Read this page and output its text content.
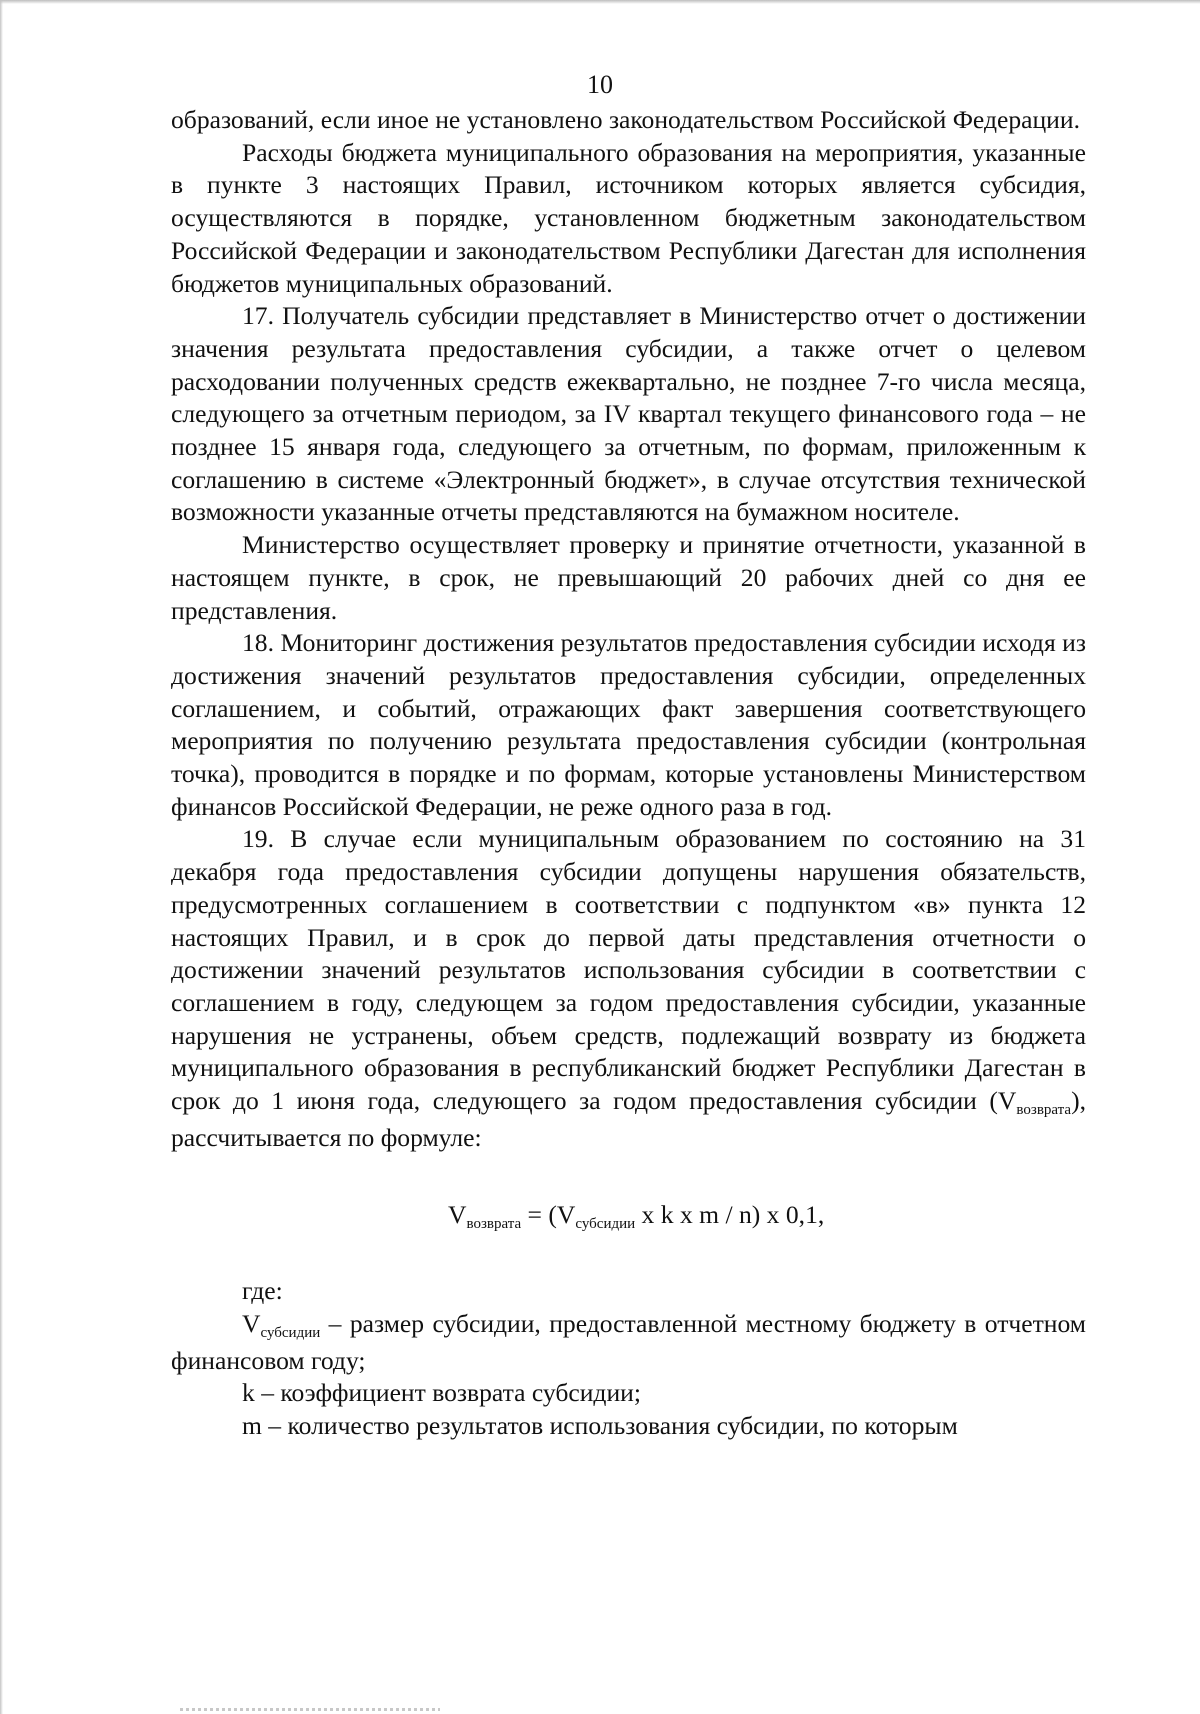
10

образований, если иное не установлено законодательством Российской Федерации.

Расходы бюджета муниципального образования на мероприятия, указанные в пункте 3 настоящих Правил, источником которых является субсидия, осуществляются в порядке, установленном бюджетным законодательством Российской Федерации и законодательством Республики Дагестан для исполнения бюджетов муниципальных образований.

17. Получатель субсидии представляет в Министерство отчет о достижении значения результата предоставления субсидии, а также отчет о целевом расходовании полученных средств ежеквартально, не позднее 7-го числа месяца, следующего за отчетным периодом, за IV квартал текущего финансового года – не позднее 15 января года, следующего за отчетным, по формам, приложенным к соглашению в системе «Электронный бюджет», в случае отсутствия технической возможности указанные отчеты представляются на бумажном носителе.

Министерство осуществляет проверку и принятие отчетности, указанной в настоящем пункте, в срок, не превышающий 20 рабочих дней со дня ее представления.

18. Мониторинг достижения результатов предоставления субсидии исходя из достижения значений результатов предоставления субсидии, определенных соглашением, и событий, отражающих факт завершения соответствующего мероприятия по получению результата предоставления субсидии (контрольная точка), проводится в порядке и по формам, которые установлены Министерством финансов Российской Федерации, не реже одного раза в год.

19. В случае если муниципальным образованием по состоянию на 31 декабря года предоставления субсидии допущены нарушения обязательств, предусмотренных соглашением в соответствии с подпунктом «в» пункта 12 настоящих Правил, и в срок до первой даты представления отчетности о достижении значений результатов использования субсидии в соответствии с соглашением в году, следующем за годом предоставления субсидии, указанные нарушения не устранены, объем средств, подлежащий возврату из бюджета муниципального образования в республиканский бюджет Республики Дагестан в срок до 1 июня года, следующего за годом предоставления субсидии (Vвозврата), рассчитывается по формуле:

Vвозврата = (Vсубсидии x k x m / n) x 0,1,

где:

Vсубсидии – размер субсидии, предоставленной местному бюджету в отчетном финансовом году;

k – коэффициент возврата субсидии;

m – количество результатов использования субсидии, по которым
